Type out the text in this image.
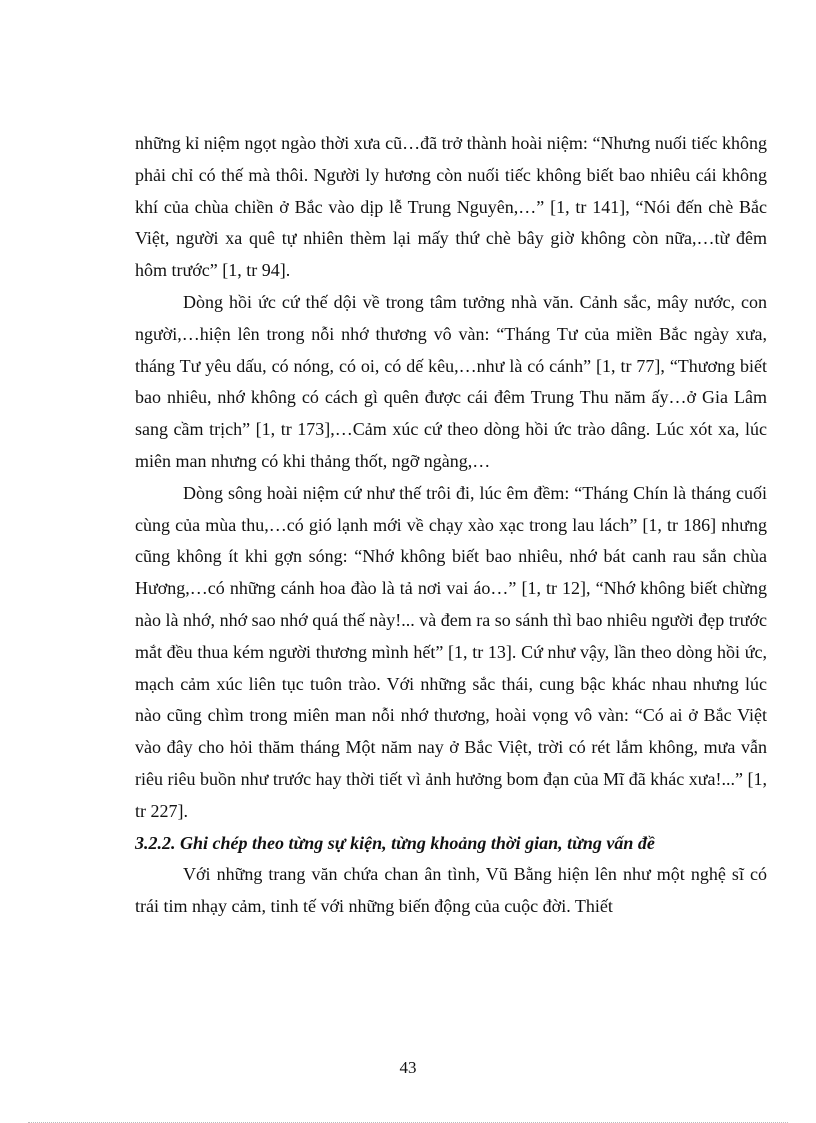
những kỉ niệm ngọt ngào thời xưa cũ…đã trở thành hoài niệm: “Nhưng nuối tiếc không phải chỉ có thế mà thôi. Người ly hương còn nuối tiếc không biết bao nhiêu cái không khí của chùa chiền ở Bắc vào dịp lễ Trung Nguyên,…” [1, tr 141], “Nói đến chè Bắc Việt, người xa quê tự nhiên thèm lại mấy thứ chè bây giờ không còn nữa,…từ đêm hôm trước” [1, tr 94].

Dòng hồi ức cứ thế dội về trong tâm tưởng nhà văn. Cảnh sắc, mây nước, con người,…hiện lên trong nỗi nhớ thương vô vàn: “Tháng Tư của miền Bắc ngày xưa, tháng Tư yêu dấu, có nóng, có oi, có dế kêu,…như là có cánh” [1, tr 77], “Thương biết bao nhiêu, nhớ không có cách gì quên được cái đêm Trung Thu năm ấy…ở Gia Lâm sang cầm trịch” [1, tr 173],…Cảm xúc cứ theo dòng hồi ức trào dâng. Lúc xót xa, lúc miên man nhưng có khi thảng thốt, ngỡ ngàng,…

Dòng sông hoài niệm cứ như thế trôi đi, lúc êm đềm: “Tháng Chín là tháng cuối cùng của mùa thu,…có gió lạnh mới về chạy xào xạc trong lau lách” [1, tr 186] nhưng cũng không ít khi gợn sóng: “Nhớ không biết bao nhiêu, nhớ bát canh rau sắn chùa Hương,…có những cánh hoa đào là tả nơi vai áo…” [1, tr 12], “Nhớ không biết chừng nào là nhớ, nhớ sao nhớ quá thế này!... và đem ra so sánh thì bao nhiêu người đẹp trước mắt đều thua kém người thương mình hết” [1, tr 13]. Cứ như vậy, lần theo dòng hồi ức, mạch cảm xúc liên tục tuôn trào. Với những sắc thái, cung bậc khác nhau nhưng lúc nào cũng chìm trong miên man nỗi nhớ thương, hoài vọng vô vàn: “Có ai ở Bắc Việt vào đây cho hỏi thăm tháng Một năm nay ở Bắc Việt, trời có rét lắm không, mưa vẫn riêu riêu buồn như trước hay thời tiết vì ảnh hưởng bom đạn của Mĩ đã khác xưa!...” [1, tr 227].

3.2.2. Ghi chép theo từng sự kiện, từng khoảng thời gian, từng vấn đề

Với những trang văn chứa chan ân tình, Vũ Bằng hiện lên như một nghệ sĩ có trái tim nhạy cảm, tinh tế với những biến động của cuộc đời. Thiết

43
